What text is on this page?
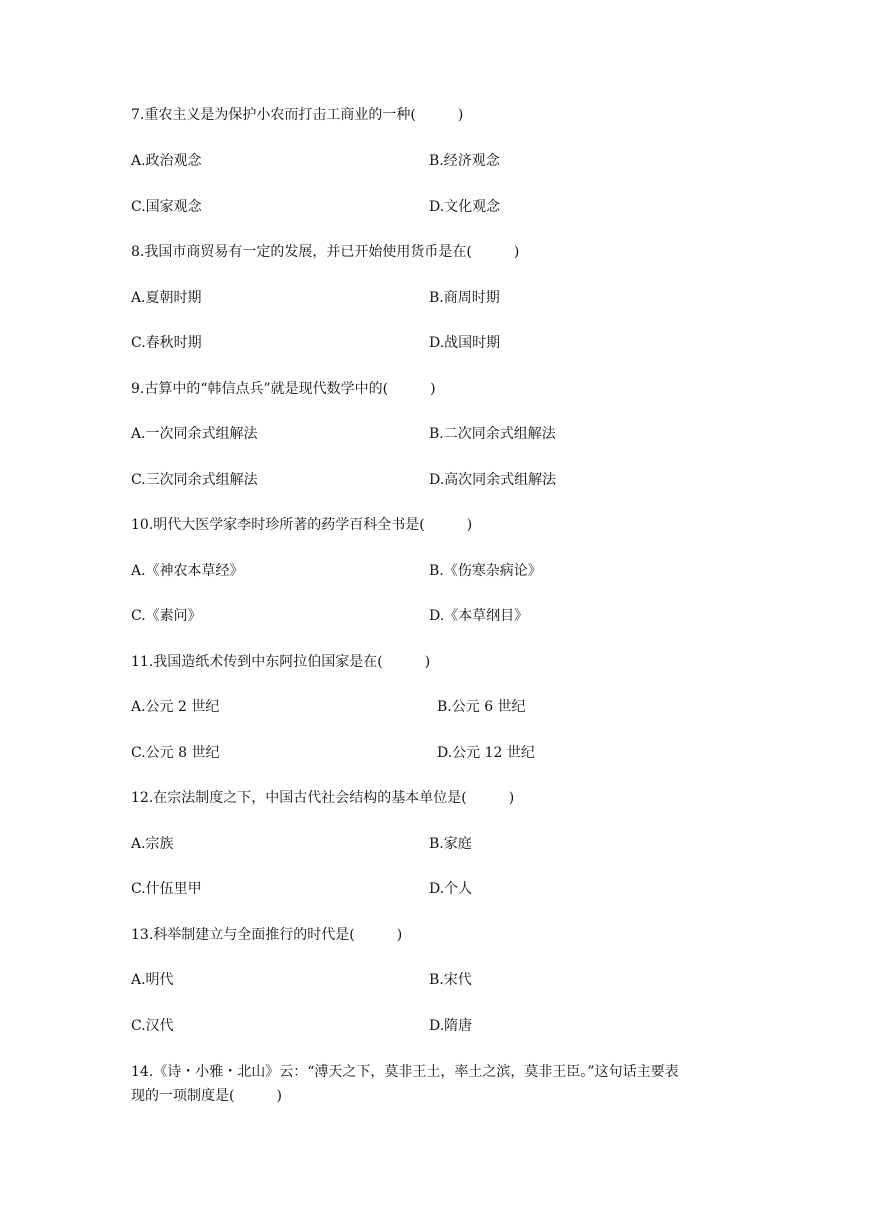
7.重农主义是为保护小农而打击工商业的一种(　　　)
A.政治观念	B.经济观念
C.国家观念	D.文化观念
8.我国市商贸易有一定的发展，并已开始使用货币是在(　　　)
A.夏朝时期	B.商周时期
C.春秋时期	D.战国时期
9.古算中的“韩信点兵”就是现代数学中的(　　　)
A.一次同余式组解法	B.二次同余式组解法
C.三次同余式组解法	D.高次同余式组解法
10.明代大医学家李时珍所著的药学百科全书是(　　　)
A.《神农本草经》	B.《伤寒杂病论》
C.《素问》	D.《本草纲目》
11.我国造纸术传到中东阿拉伯国家是在(　　　)
A.公元 2 世纪	B.公元 6 世纪
C.公元 8 世纪	D.公元 12 世纪
12.在宗法制度之下，中国古代社会结构的基本单位是(　　　)
A.宗族	B.家庭
C.什伍里甲	D.个人
13.科举制建立与全面推行的时代是(　　　)
A.明代	B.宋代
C.汉代	D.隋唐
14.《诗・小雅・北山》云：“溥天之下，莫非王土，率土之滨，莫非王臣。”这句话主要表
现的一项制度是(　　　)
